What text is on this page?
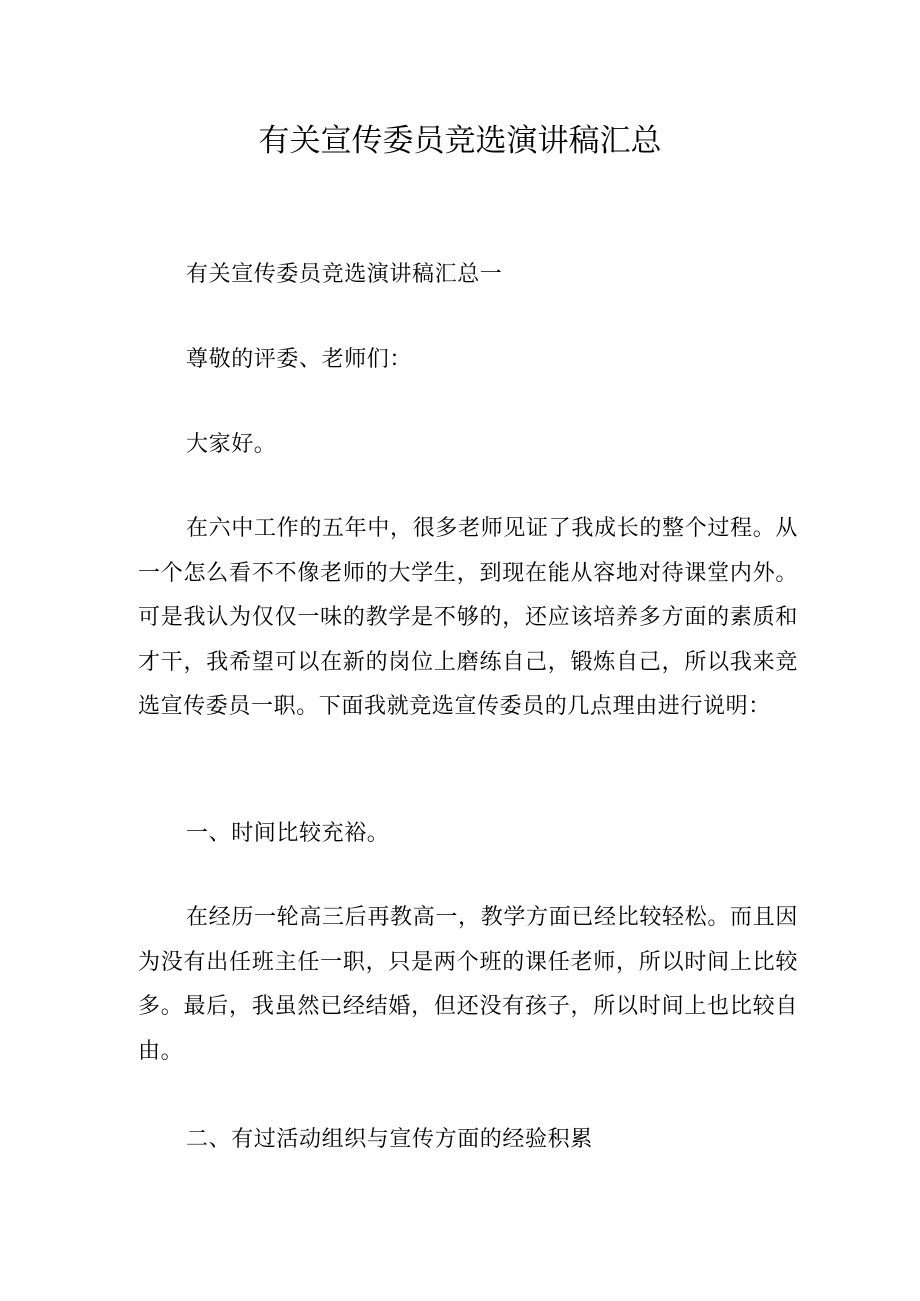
有关宣传委员竞选演讲稿汇总

有关宣传委员竞选演讲稿汇总一

尊敬的评委、老师们：

大家好。

在六中工作的五年中，很多老师见证了我成长的整个过程。从一个怎么看不不像老师的大学生，到现在能从容地对待课堂内外。可是我认为仅仅一味的教学是不够的，还应该培养多方面的素质和才干，我希望可以在新的岗位上磨练自己，锻炼自己，所以我来竞选宣传委员一职。下面我就竞选宣传委员的几点理由进行说明：

一、时间比较充裕。

在经历一轮高三后再教高一，教学方面已经比较轻松。而且因为没有出任班主任一职，只是两个班的课任老师，所以时间上比较多。最后，我虽然已经结婚，但还没有孩子，所以时间上也比较自由。

二、有过活动组织与宣传方面的经验积累
